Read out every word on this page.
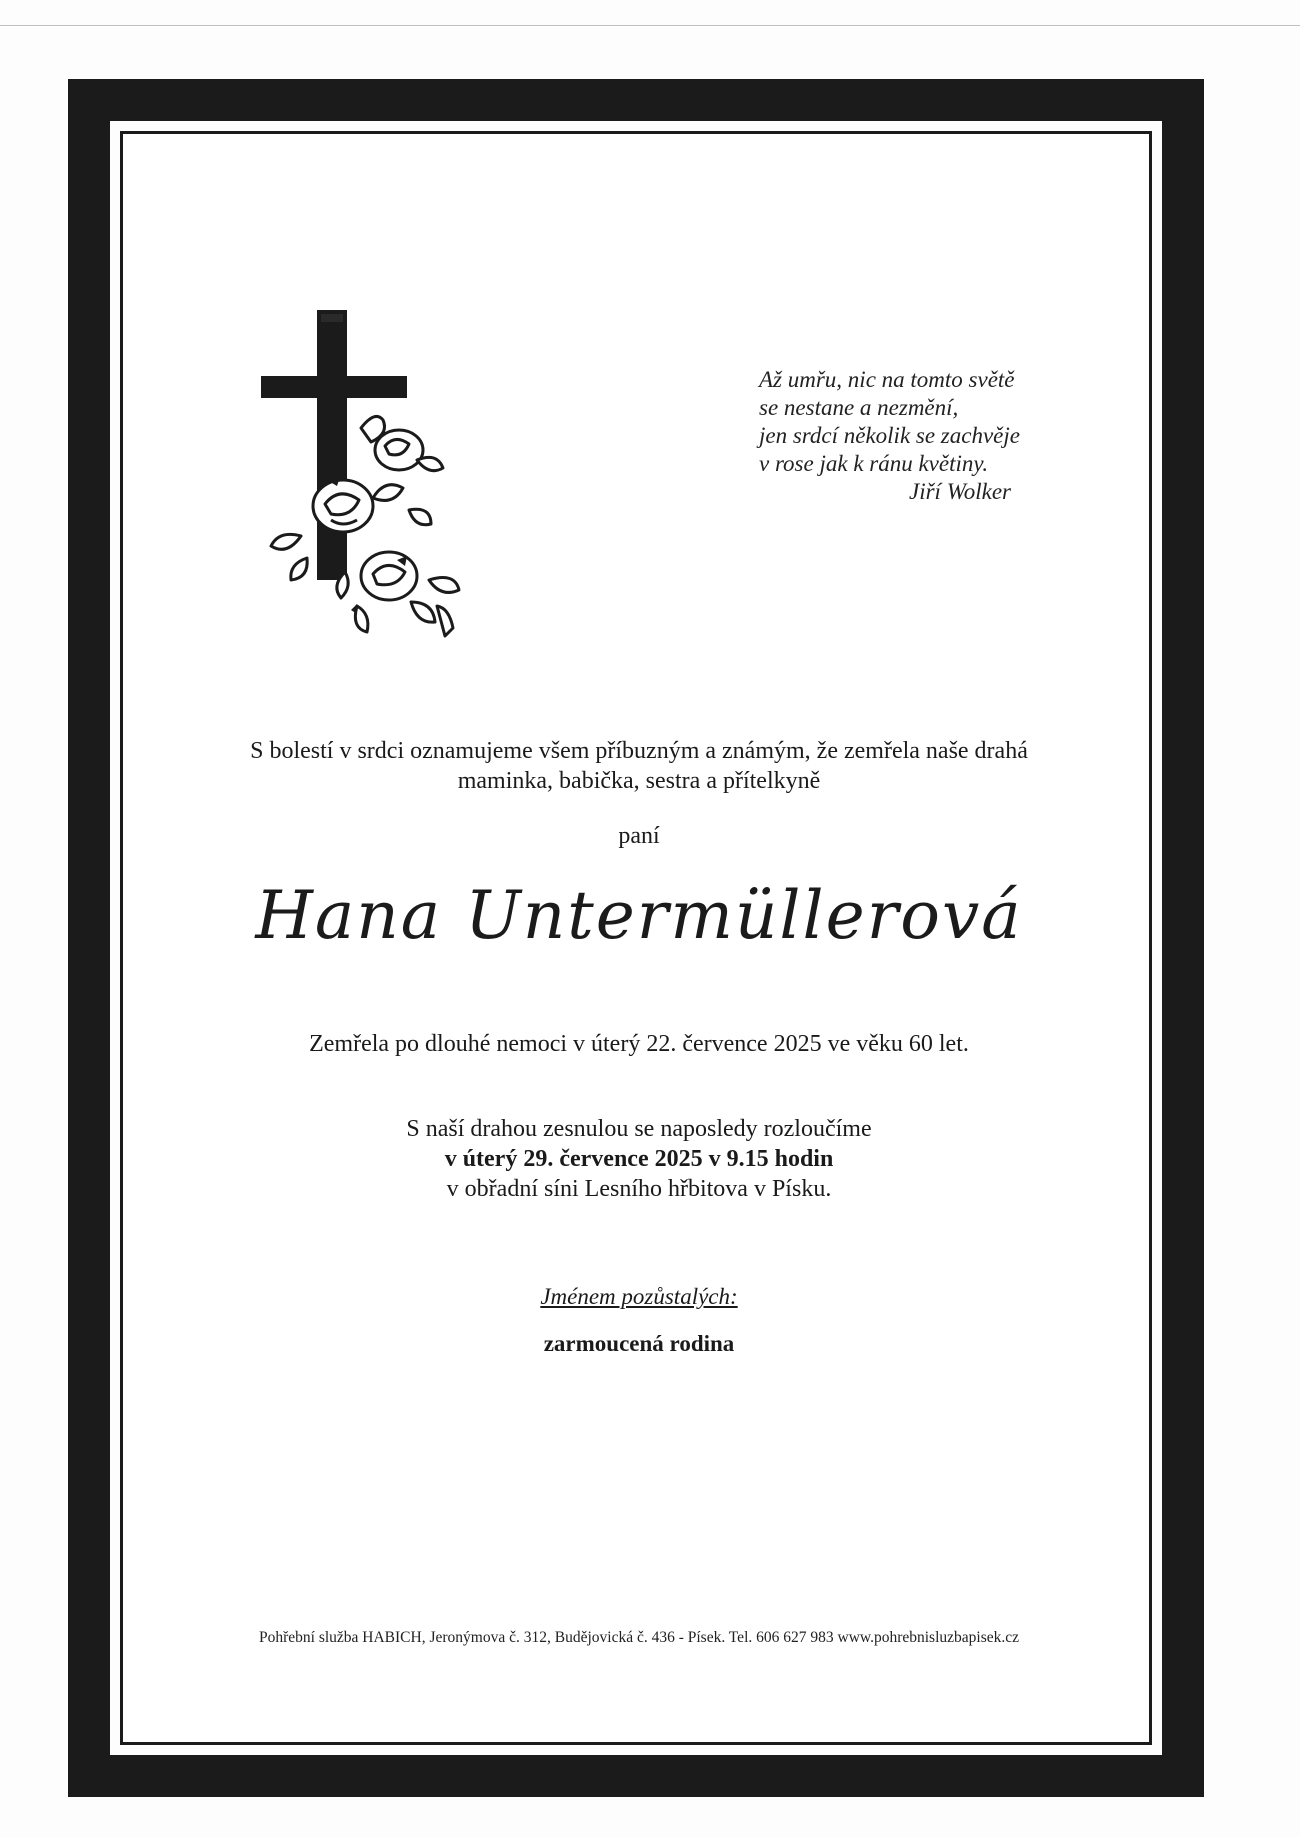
Až umřu, nic na tomto světě
se nestane a nezmění,
jen srdcí několik se zachvěje
v rose jak k ránu květiny.
Jiří Wolker
S bolestí v srdci oznamujeme všem příbuzným a známým, že zemřela naše drahá
maminka, babička, sestra a přítelkyně
paní
Hana Untermüllerová
Zemřela po dlouhé nemoci v úterý 22. července 2025 ve věku 60 let.
S naší drahou zesnulou se naposledy rozloučíme
v úterý 29. července 2025 v 9.15 hodin
v obřadní síni Lesního hřbitova v Písku.
Jménem pozůstalých:
zarmoucená rodina
Pohřební služba HABICH, Jeronýmova č. 312, Budějovická č. 436 - Písek. Tel. 606 627 983 www.pohrebnisluzbapisek.cz
